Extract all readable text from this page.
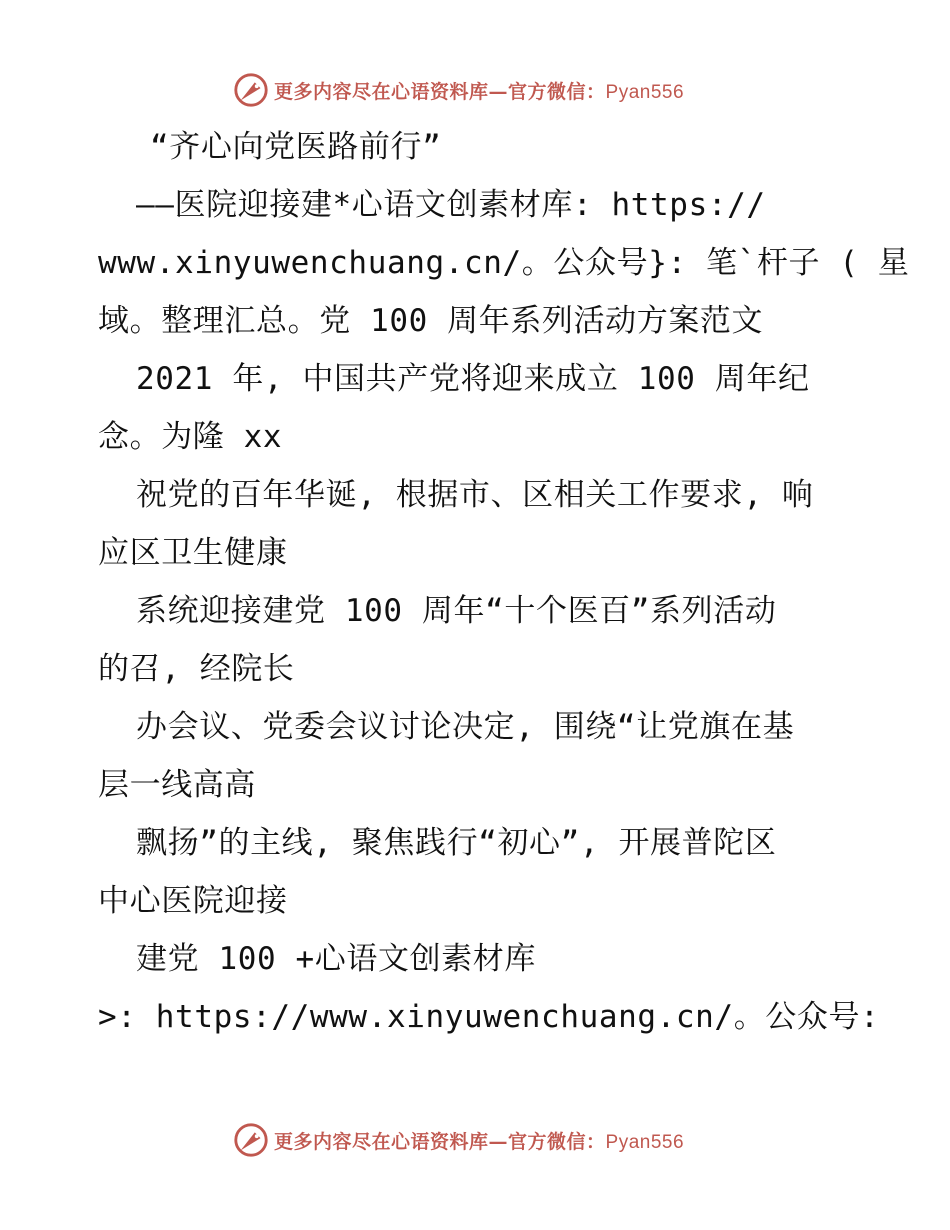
更多内容尽在心语资料库—官方微信：Pyan556

“齐心向党医路前行”

——医院迎接建*心语文创素材库: https://

www.xinyuwenchuang.cn/。公众号}: 笔`杆子 ( 星

域。整理汇总。党 100 周年系列活动方案范文

2021 年, 中国共产党将迎来成立 100 周年纪

念。为隆 xx

祝党的百年华诞, 根据市、区相关工作要求, 响

应区卫生健康

系统迎接建党 100 周年“十个医百”系列活动

的召, 经院长

办会议、党委会议讨论决定, 围绕“让党旗在基

层一线高高

飘扬”的主线, 聚焦践行“初心”, 开展普陀区

中心医院迎接

建党 100 +心语文创素材库

>: https://www.xinyuwenchuang.cn/。公众号:

更多内容尽在心语资料库—官方微信：Pyan556
